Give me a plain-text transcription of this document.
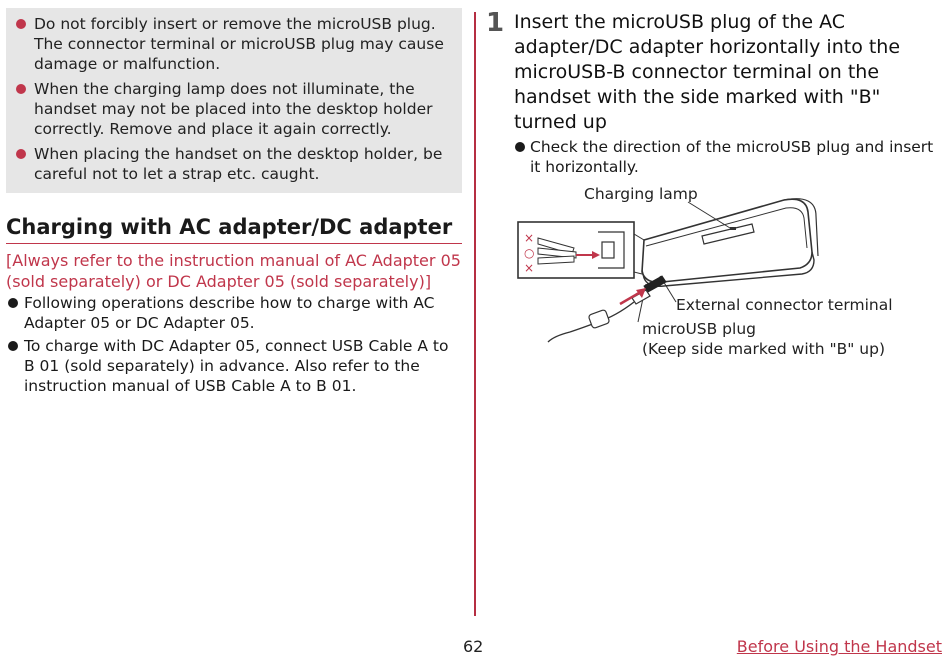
Do not forcibly insert or remove the microUSB plug. The connector terminal or microUSB plug may cause damage or malfunction.
When the charging lamp does not illuminate, the handset may not be placed into the desktop holder correctly. Remove and place it again correctly.
When placing the handset on the desktop holder, be careful not to let a strap etc. caught.
Charging with AC adapter/DC adapter
[Always refer to the instruction manual of AC Adapter 05 (sold separately) or DC Adapter 05 (sold separately)]
Following operations describe how to charge with AC Adapter 05 or DC Adapter 05.
To charge with DC Adapter 05, connect USB Cable A to B 01 (sold separately) in advance. Also refer to the instruction manual of USB Cable A to B 01.
1 Insert the microUSB plug of the AC adapter/DC adapter horizontally into the microUSB-B connector terminal on the handset with the side marked with "B" turned up
Check the direction of the microUSB plug and insert it horizontally.
Charging lamp
External connector terminal
microUSB plug
(Keep side marked with "B" up)
×
○
×
62	Before Using the Handset
